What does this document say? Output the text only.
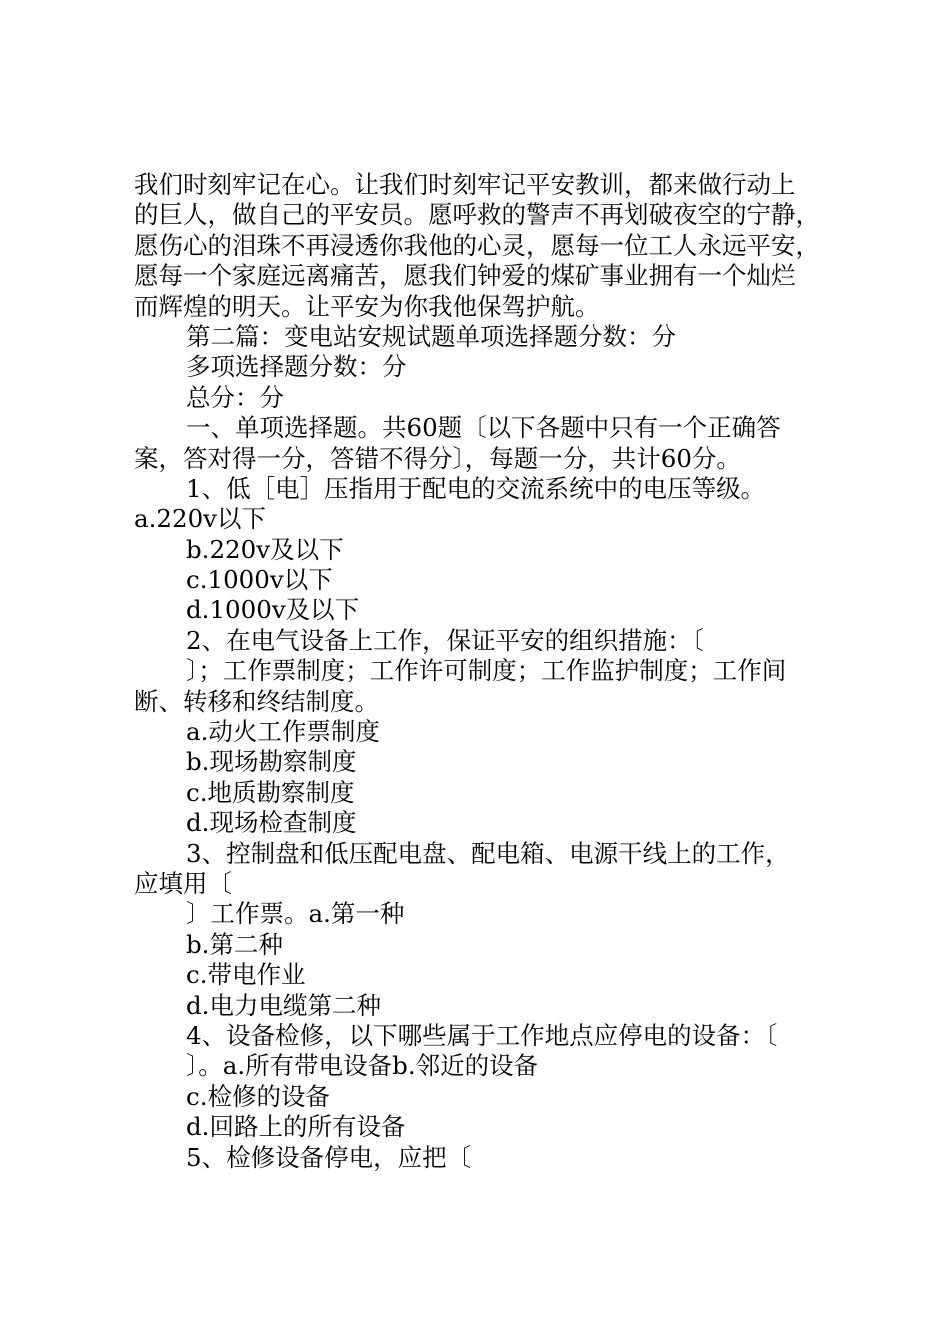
我们时刻牢记在心。让我们时刻牢记平安教训，都来做行动上
的巨人，做自己的平安员。愿呼救的警声不再划破夜空的宁静，
愿伤心的泪珠不再浸透你我他的心灵，愿每一位工人永远平安，
愿每一个家庭远离痛苦，愿我们钟爱的煤矿事业拥有一个灿烂
而辉煌的明天。让平安为你我他保驾护航。
第二篇：变电站安规试题单项选择题分数：分
多项选择题分数：分
总分：分
一、单项选择题。共60题〔以下各题中只有一个正确答
案，答对得一分，答错不得分〕，每题一分，共计60分。
1、低［电］压指用于配电的交流系统中的电压等级。
a.220v以下
b.220v及以下
c.1000v以下
d.1000v及以下
2、在电气设备上工作，保证平安的组织措施：〔
〕；工作票制度；工作许可制度；工作监护制度；工作间
断、转移和终结制度。
a.动火工作票制度
b.现场勘察制度
c.地质勘察制度
d.现场检查制度
3、控制盘和低压配电盘、配电箱、电源干线上的工作，
应填用〔
〕工作票。a.第一种
b.第二种
c.带电作业
d.电力电缆第二种
4、设备检修，以下哪些属于工作地点应停电的设备：〔
〕。a.所有带电设备b.邻近的设备
c.检修的设备
d.回路上的所有设备
5、检修设备停电，应把〔
